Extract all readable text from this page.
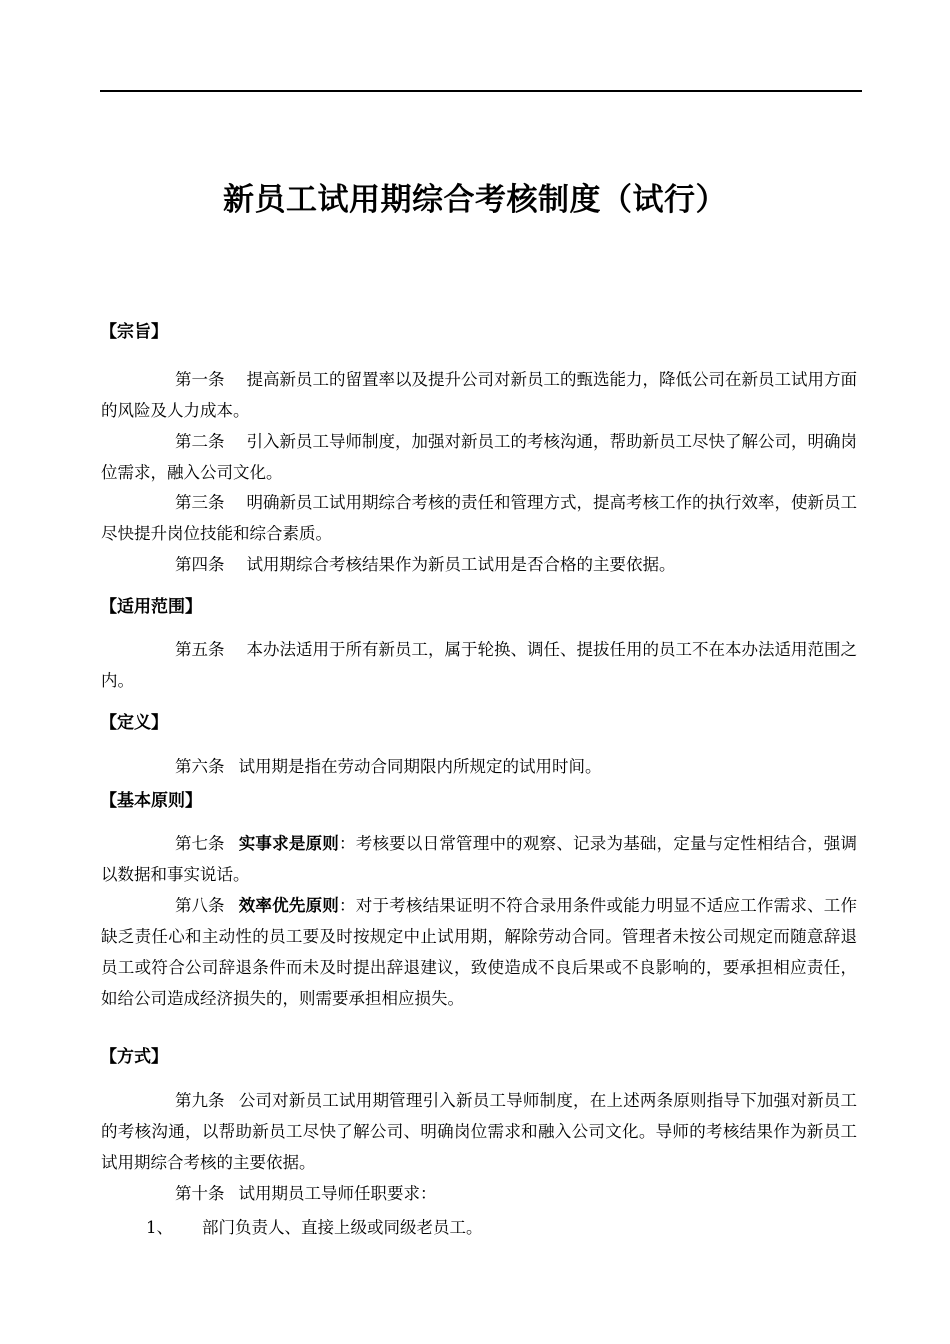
新员工试用期综合考核制度（试行）
【宗旨】
第一条 提高新员工的留置率以及提升公司对新员工的甄选能力，降低公司在新员工试用方面的风险及人力成本。
第二条 引入新员工导师制度，加强对新员工的考核沟通，帮助新员工尽快了解公司，明确岗位需求，融入公司文化。
第三条 明确新员工试用期综合考核的责任和管理方式，提高考核工作的执行效率，使新员工尽快提升岗位技能和综合素质。
第四条 试用期综合考核结果作为新员工试用是否合格的主要依据。
【适用范围】
第五条 本办法适用于所有新员工，属于轮换、调任、提拔任用的员工不在本办法适用范围之内。
【定义】
第六条 试用期是指在劳动合同期限内所规定的试用时间。
【基本原则】
第七条 实事求是原则：考核要以日常管理中的观察、记录为基础，定量与定性相结合，强调以数据和事实说话。
第八条 效率优先原则：对于考核结果证明不符合录用条件或能力明显不适应工作需求、工作缺乏责任心和主动性的员工要及时按规定中止试用期，解除劳动合同。管理者未按公司规定而随意辞退员工或符合公司辞退条件而未及时提出辞退建议，致使造成不良后果或不良影响的，要承担相应责任，如给公司造成经济损失的，则需要承担相应损失。
【方式】
第九条 公司对新员工试用期管理引入新员工导师制度，在上述两条原则指导下加强对新员工的考核沟通，以帮助新员工尽快了解公司、明确岗位需求和融入公司文化。导师的考核结果作为新员工试用期综合考核的主要依据。
第十条 试用期员工导师任职要求：
1、 部门负责人、直接上级或同级老员工。
